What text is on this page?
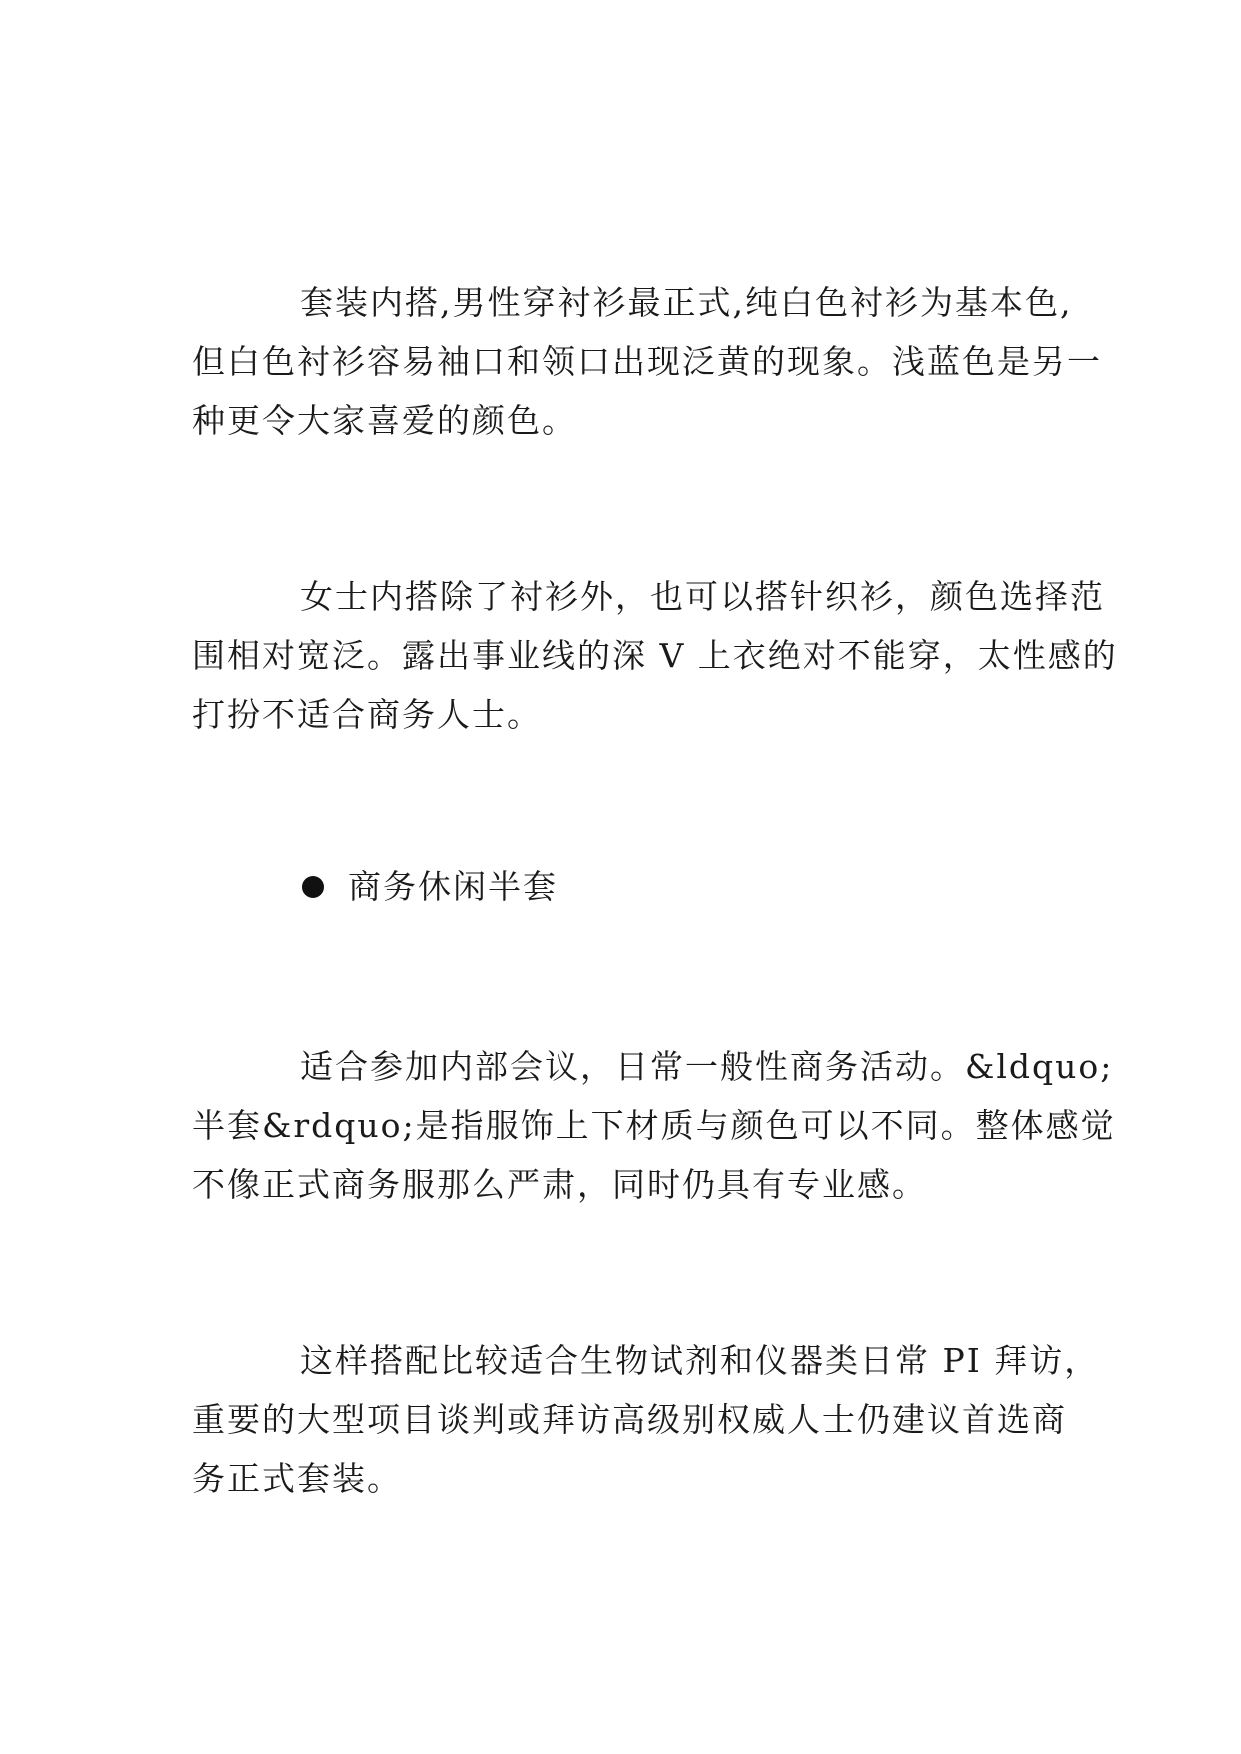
套装内搭,男性穿衬衫最正式,纯白色衬衫为基本色,
但白色衬衫容易袖口和领口出现泛黄的现象。浅蓝色是另一
种更令大家喜爱的颜色。

女士内搭除了衬衫外，也可以搭针织衫，颜色选择范
围相对宽泛。露出事业线的深 V 上衣绝对不能穿，太性感的
打扮不适合商务人士。

商务休闲半套

适合参加内部会议，日常一般性商务活动。&ldquo;
半套&rdquo;是指服饰上下材质与颜色可以不同。整体感觉
不像正式商务服那么严肃，同时仍具有专业感。

这样搭配比较适合生物试剂和仪器类日常 PI 拜访，
重要的大型项目谈判或拜访高级别权威人士仍建议首选商
务正式套装。
